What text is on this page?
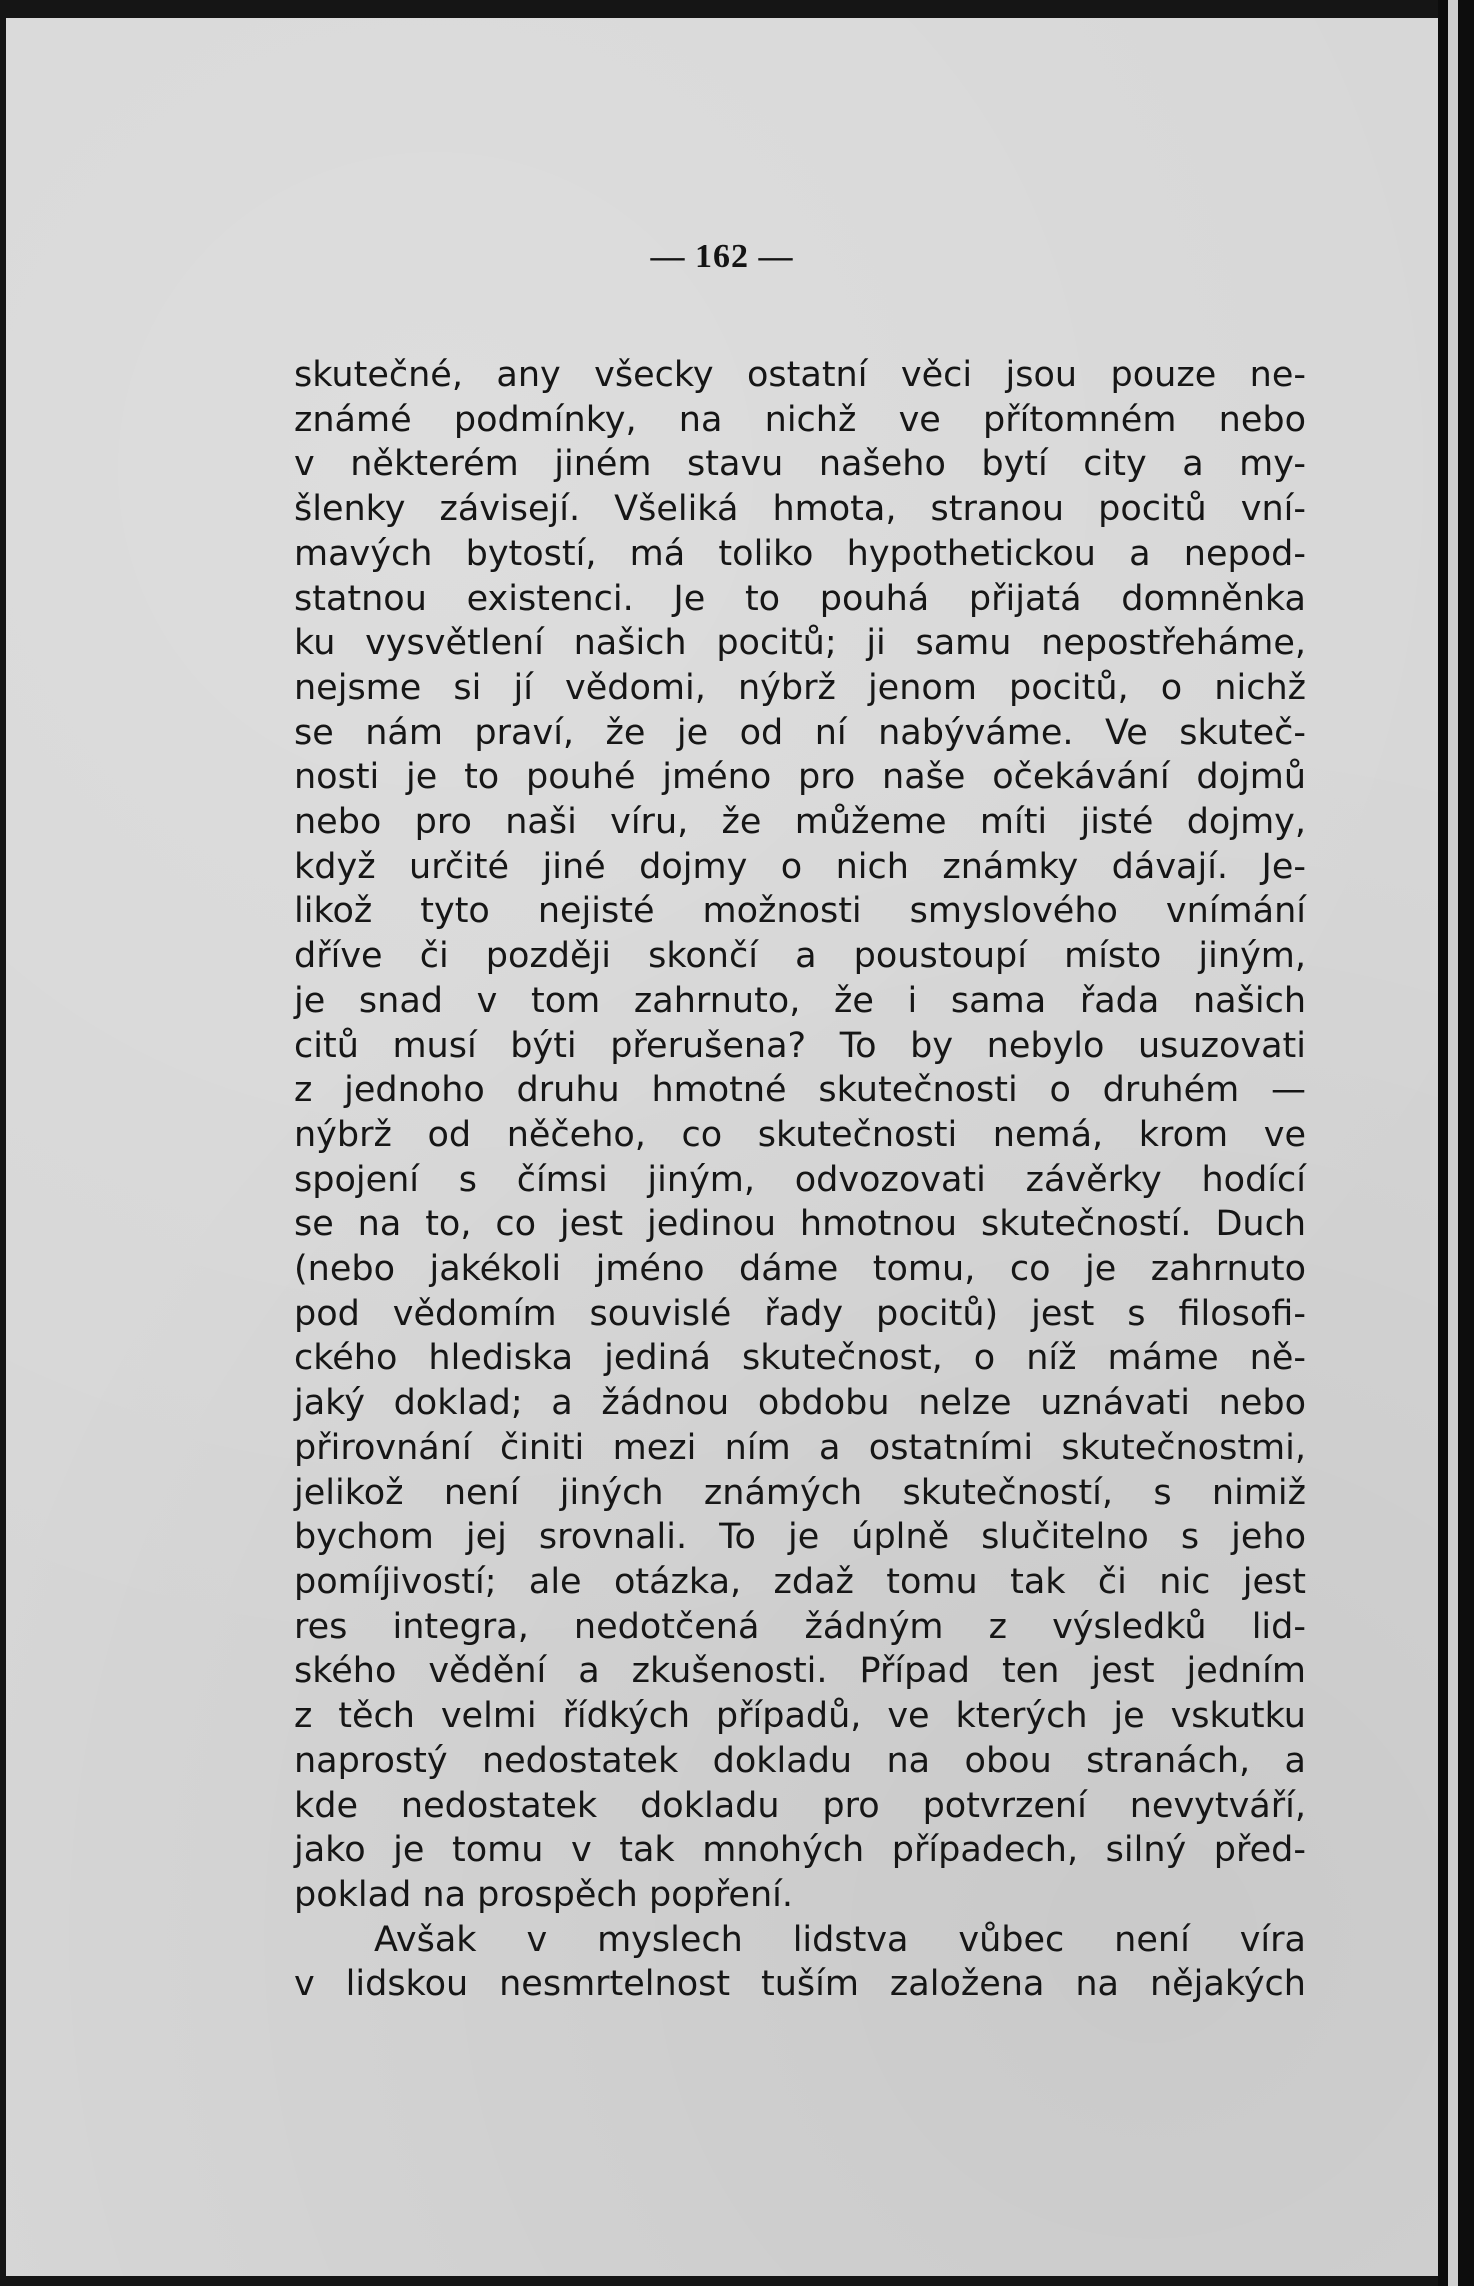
— 162 —
skutečné, any všecky ostatní věci jsou pouze ne-
známé podmínky, na nichž ve přítomném nebo
v některém jiném stavu našeho bytí city a my-
šlenky závisejí. Všeliká hmota, stranou pocitů vní-
mavých bytostí, má toliko hypothetickou a nepod-
statnou existenci. Je to pouhá přijatá domněnka
ku vysvětlení našich pocitů; ji samu nepostřeháme,
nejsme si jí vědomi, nýbrž jenom pocitů, o nichž
se nám praví, že je od ní nabýváme. Ve skuteč-
nosti je to pouhé jméno pro naše očekávání dojmů
nebo pro naši víru, že můžeme míti jisté dojmy,
když určité jiné dojmy o nich známky dávají. Je-
likož tyto nejisté možnosti smyslového vnímání
dříve či později skončí a poustoupí místo jiným,
je snad v tom zahrnuto, že i sama řada našich
citů musí býti přerušena? To by nebylo usuzovati
z jednoho druhu hmotné skutečnosti o druhém —
nýbrž od něčeho, co skutečnosti nemá, krom ve
spojení s čímsi jiným, odvozovati závěrky hodící
se na to, co jest jedinou hmotnou skutečností. Duch
(nebo jakékoli jméno dáme tomu, co je zahrnuto
pod vědomím souvislé řady pocitů) jest s filosofi-
ckého hlediska jediná skutečnost, o níž máme ně-
jaký doklad; a žádnou obdobu nelze uznávati nebo
přirovnání činiti mezi ním a ostatními skutečnostmi,
jelikož není jiných známých skutečností, s nimiž
bychom jej srovnali. To je úplně slučitelno s jeho
pomíjivostí; ale otázka, zdaž tomu tak či nic jest
res integra, nedotčená žádným z výsledků lid-
ského vědění a zkušenosti. Případ ten jest jedním
z těch velmi řídkých případů, ve kterých je vskutku
naprostý nedostatek dokladu na obou stranách, a
kde nedostatek dokladu pro potvrzení nevytváří,
jako je tomu v tak mnohých případech, silný před-
poklad na prospěch popření.
Avšak v myslech lidstva vůbec není víra
v lidskou nesmrtelnost tuším založena na nějakých
